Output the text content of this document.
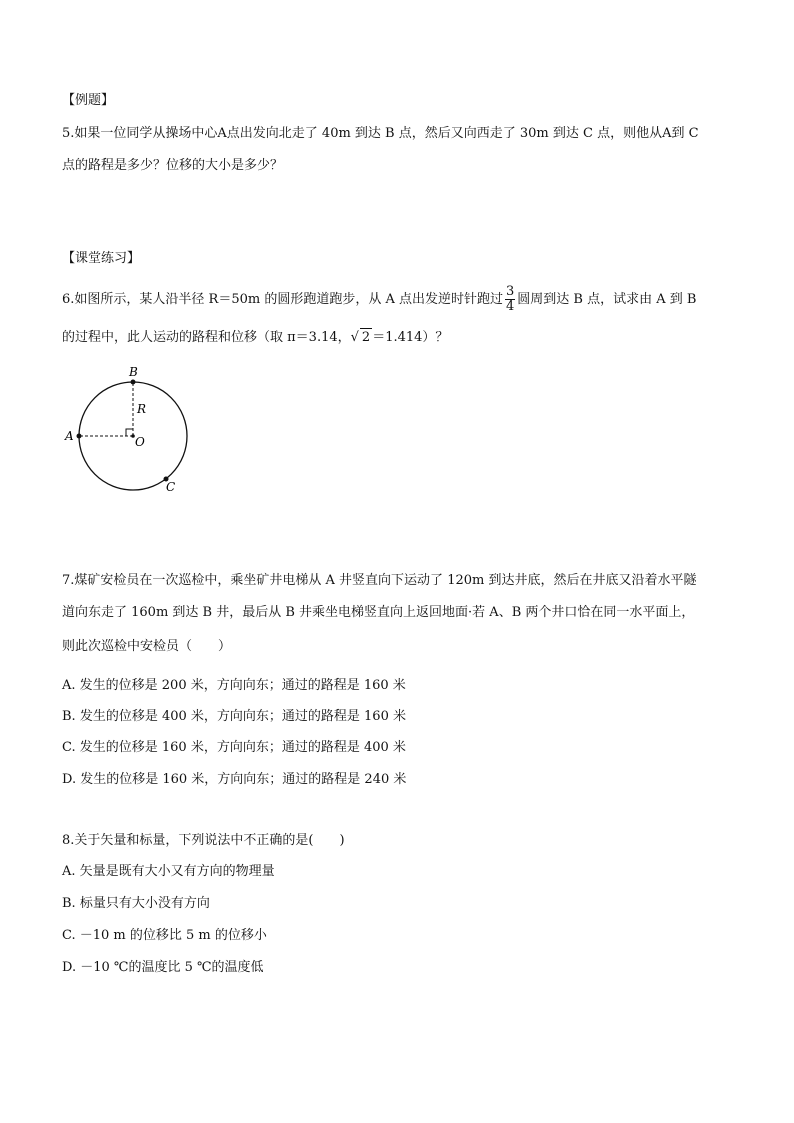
【例题】
5.如果一位同学从操场中心A点出发向北走了 40m 到达 B 点，然后又向西走了 30m 到达 C 点，则他从A到 C
点的路程是多少？位移的大小是多少？
【课堂练习】
6.如图所示，某人沿半径 R＝50m 的圆形跑道跑步，从 A 点出发逆时针跑过 $\frac{3}{4}$ 圆周到达 B 点，试求由 A 到 B
的过程中，此人运动的路程和位移（取 π＝3.14，√ 2 ＝1.414）？
B
R
A	O
C
7.煤矿安检员在一次巡检中，乘坐矿井电梯从 A 井竖直向下运动了 120m 到达井底，然后在井底又沿着水平隧
道向东走了 160m 到达 B 井，最后从 B 井乘坐电梯竖直向上返回地面·若 A、B 两个井口恰在同一水平面上，
则此次巡检中安检员（　　）
A. 发生的位移是 200 米，方向向东；通过的路程是 160 米
B. 发生的位移是 400 米，方向向东；通过的路程是 160 米
C. 发生的位移是 160 米，方向向东；通过的路程是 400 米
D. 发生的位移是 160 米，方向向东；通过的路程是 240 米
8.关于矢量和标量，下列说法中不正确的是(　　)
A. 矢量是既有大小又有方向的物理量
B. 标量只有大小没有方向
C. －10 m 的位移比 5 m 的位移小
D. －10 ℃的温度比 5 ℃的温度低
